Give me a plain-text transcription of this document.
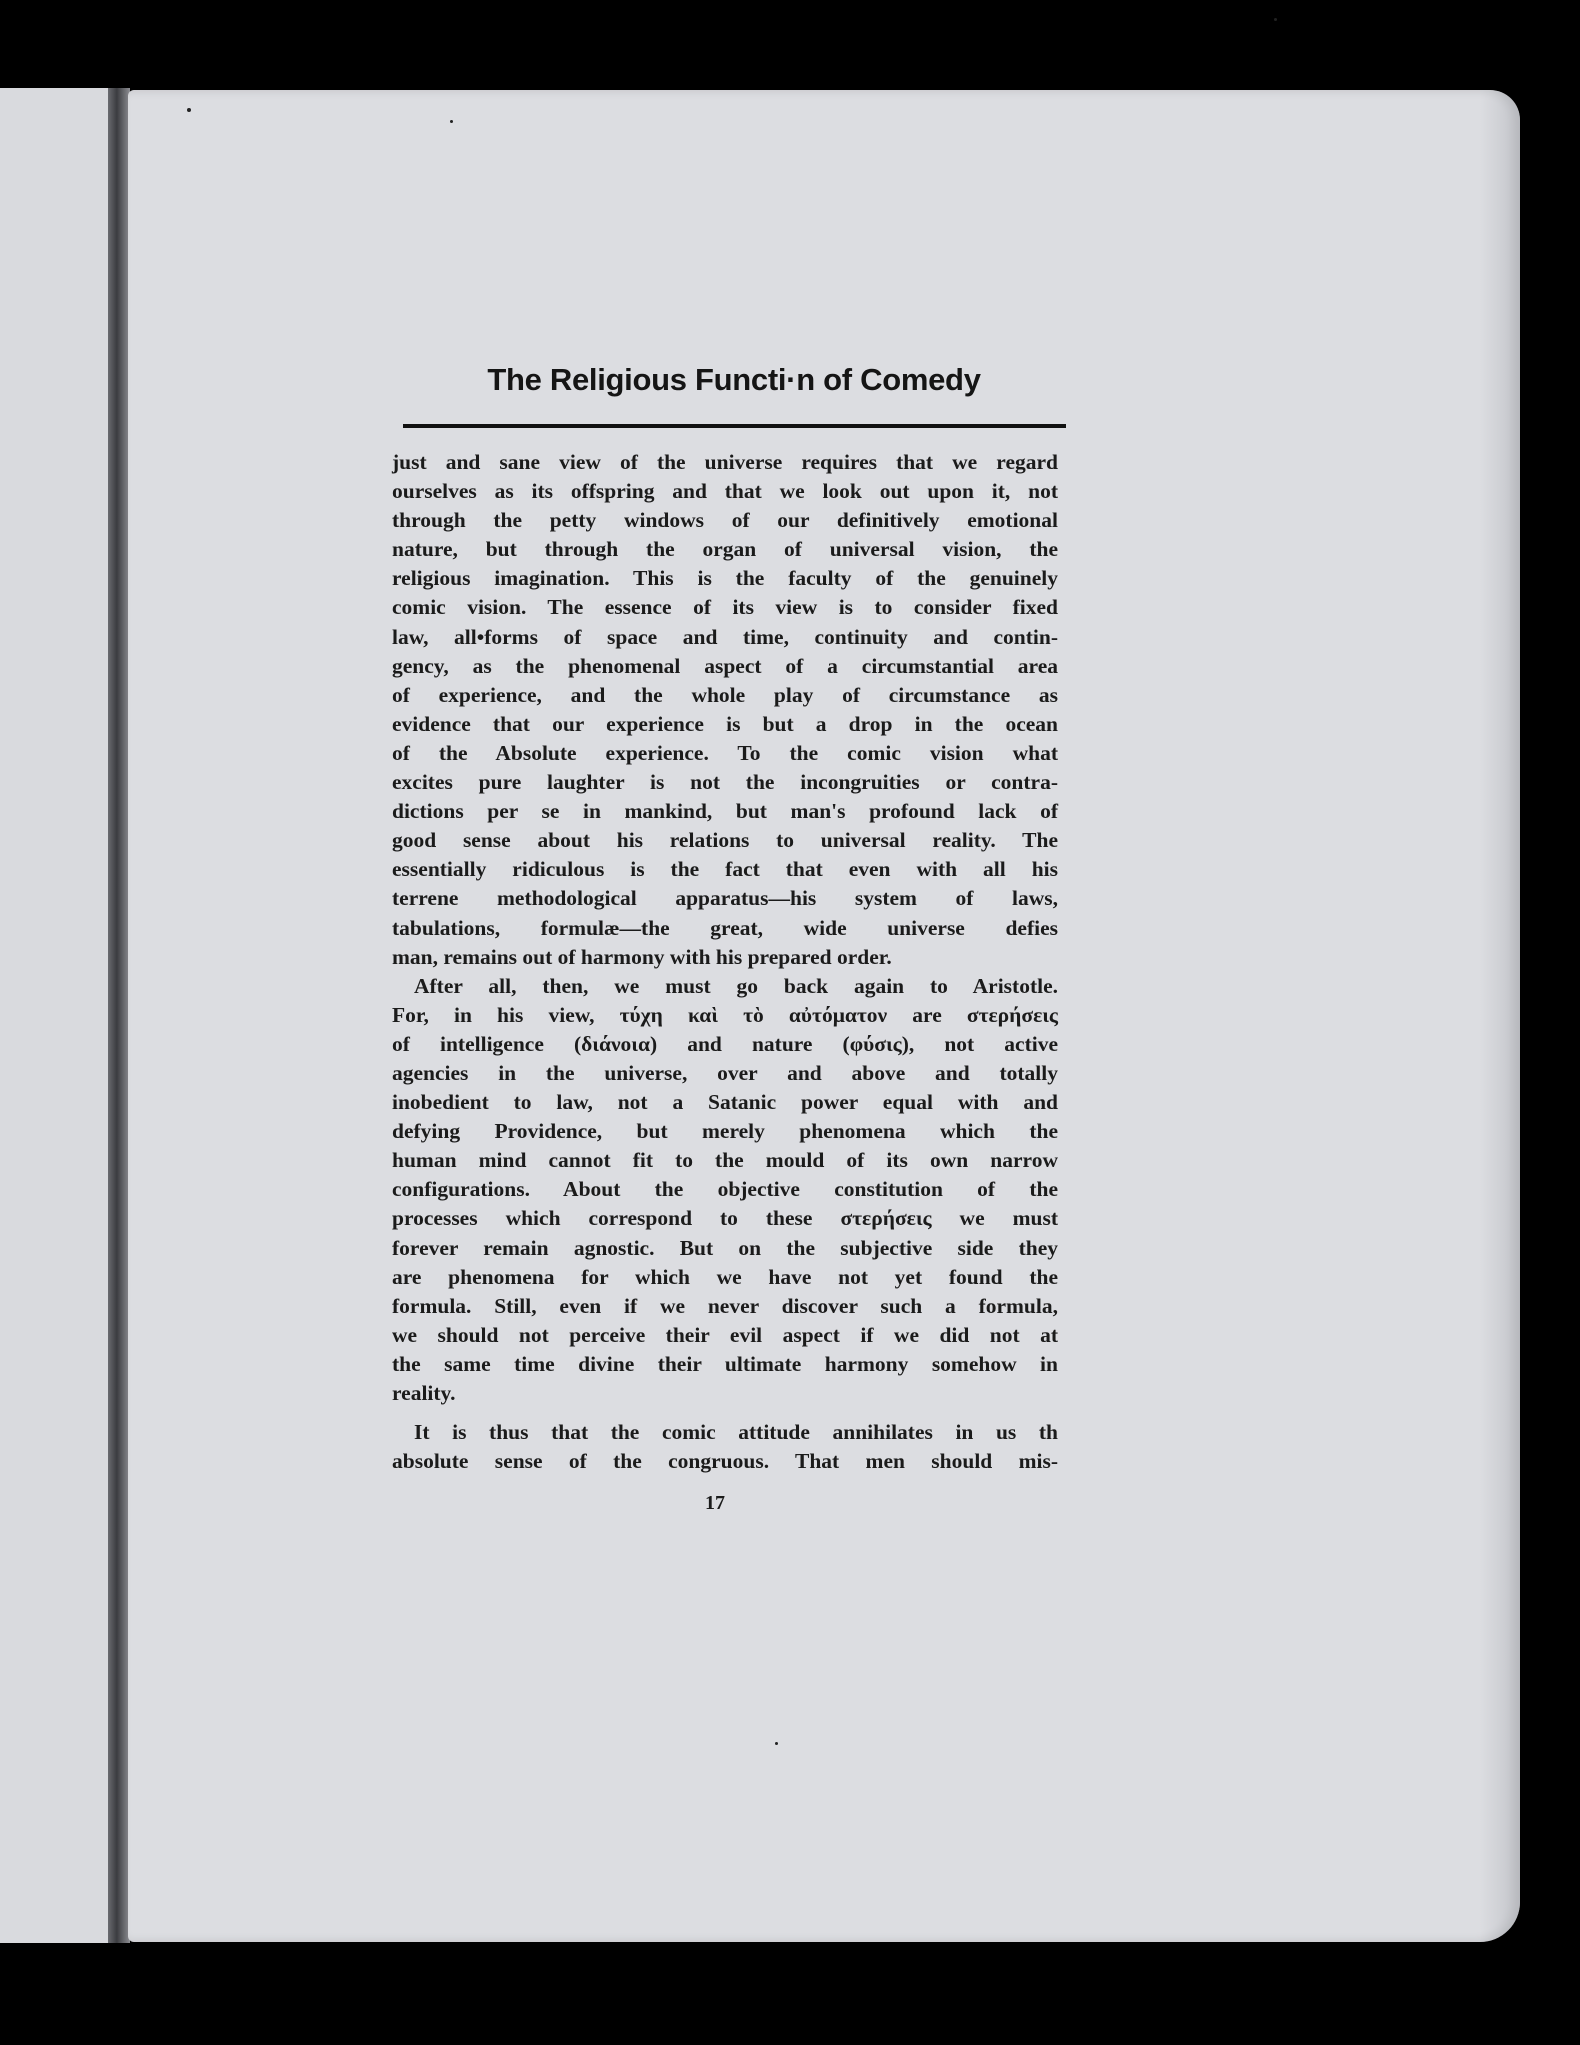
The Religious Functi·n of Comedy
just and sane view of the universe requires that we regard
ourselves as its offspring and that we look out upon it, not
through the petty windows of our definitively emotional
nature, but through the organ of universal vision, the
religious imagination. This is the faculty of the genuinely
comic vision. The essence of its view is to consider fixed
law, all•forms of space and time, continuity and contin-
gency, as the phenomenal aspect of a circumstantial area
of experience, and the whole play of circumstance as
evidence that our experience is but a drop in the ocean
of the Absolute experience. To the comic vision what
excites pure laughter is not the incongruities or contra-
dictions per se in mankind, but man's profound lack of
good sense about his relations to universal reality. The
essentially ridiculous is the fact that even with all his
terrene methodological apparatus—his system of laws,
tabulations, formulæ—the great, wide universe defies
man, remains out of harmony with his prepared order.
After all, then, we must go back again to Aristotle.
For, in his view, τύχη καὶ τὸ αὐτόματον are στερήσεις
of intelligence (διάνοια) and nature (φύσις), not active
agencies in the universe, over and above and totally
inobedient to law, not a Satanic power equal with and
defying Providence, but merely phenomena which the
human mind cannot fit to the mould of its own narrow
configurations. About the objective constitution of the
processes which correspond to these στερήσεις we must
forever remain agnostic. But on the subjective side they
are phenomena for which we have not yet found the
formula. Still, even if we never discover such a formula,
we should not perceive their evil aspect if we did not at
the same time divine their ultimate harmony somehow in
reality.
It is thus that the comic attitude annihilates in us th
absolute sense of the congruous. That men should mis-
17
